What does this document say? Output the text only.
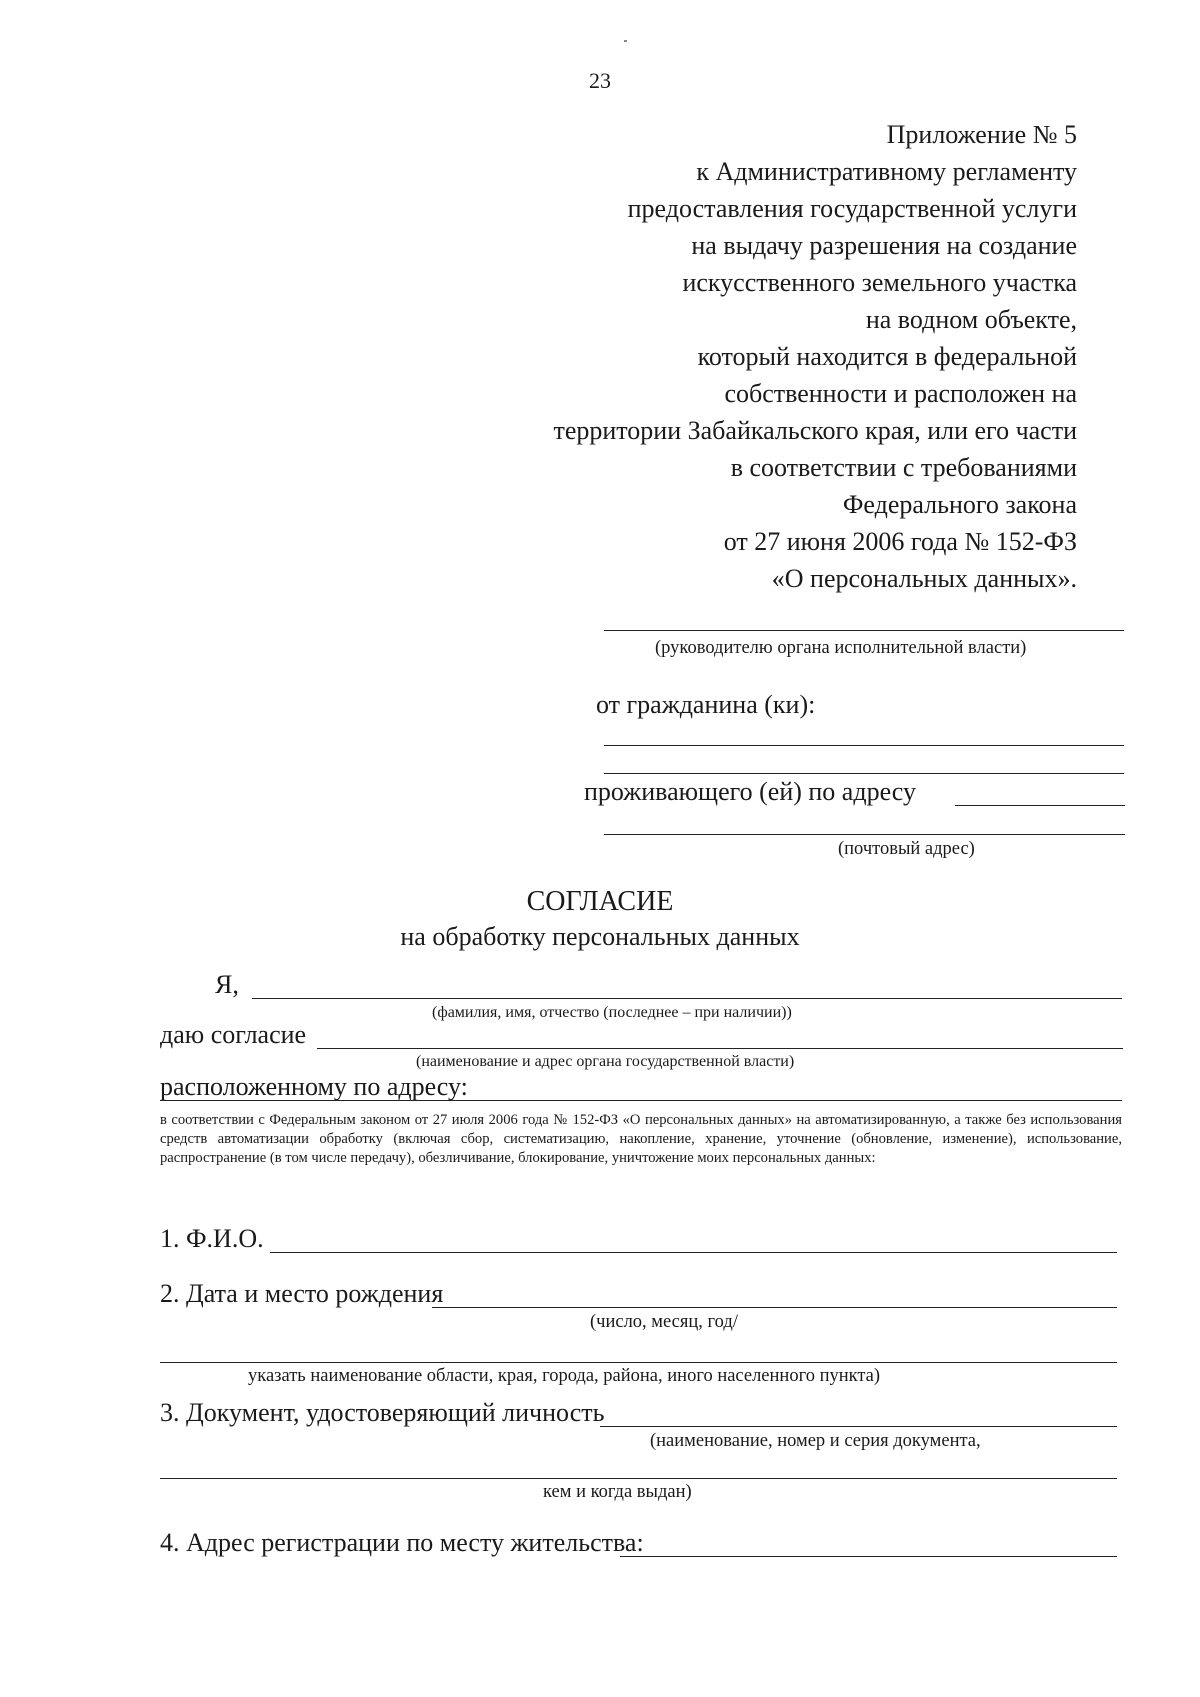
23
Приложение № 5
к Административному регламенту
предоставления государственной услуги
на выдачу разрешения на создание
искусственного земельного участка
на водном объекте,
который находится в федеральной
собственности и расположен на
территории Забайкальского края, или его части
в соответствии с требованиями
Федерального закона
от 27 июня 2006 года № 152-ФЗ
«О персональных данных».
(руководителю органа исполнительной власти)
от гражданина (ки):
проживающего (ей) по адресу
(почтовый адрес)
СОГЛАСИЕ
на обработку персональных данных
Я,
(фамилия, имя, отчество (последнее – при наличии))
даю согласие
(наименование и адрес органа государственной власти)
расположенному по адресу:
в соответствии с Федеральным законом от 27 июля 2006 года № 152-ФЗ «О персональных данных» на автоматизированную, а также без использования средств автоматизации обработку (включая сбор, систематизацию, накопление, хранение, уточнение (обновление, изменение), использование, распространение (в том числе передачу), обезличивание, блокирование, уничтожение моих персональных данных:
1. Ф.И.О.
2. Дата и место рождения
(число, месяц, год/
указать наименование области, края, города, района, иного населенного пункта)
3. Документ, удостоверяющий личность
(наименование, номер и серия документа,
кем и когда выдан)
4. Адрес регистрации по месту жительства:
